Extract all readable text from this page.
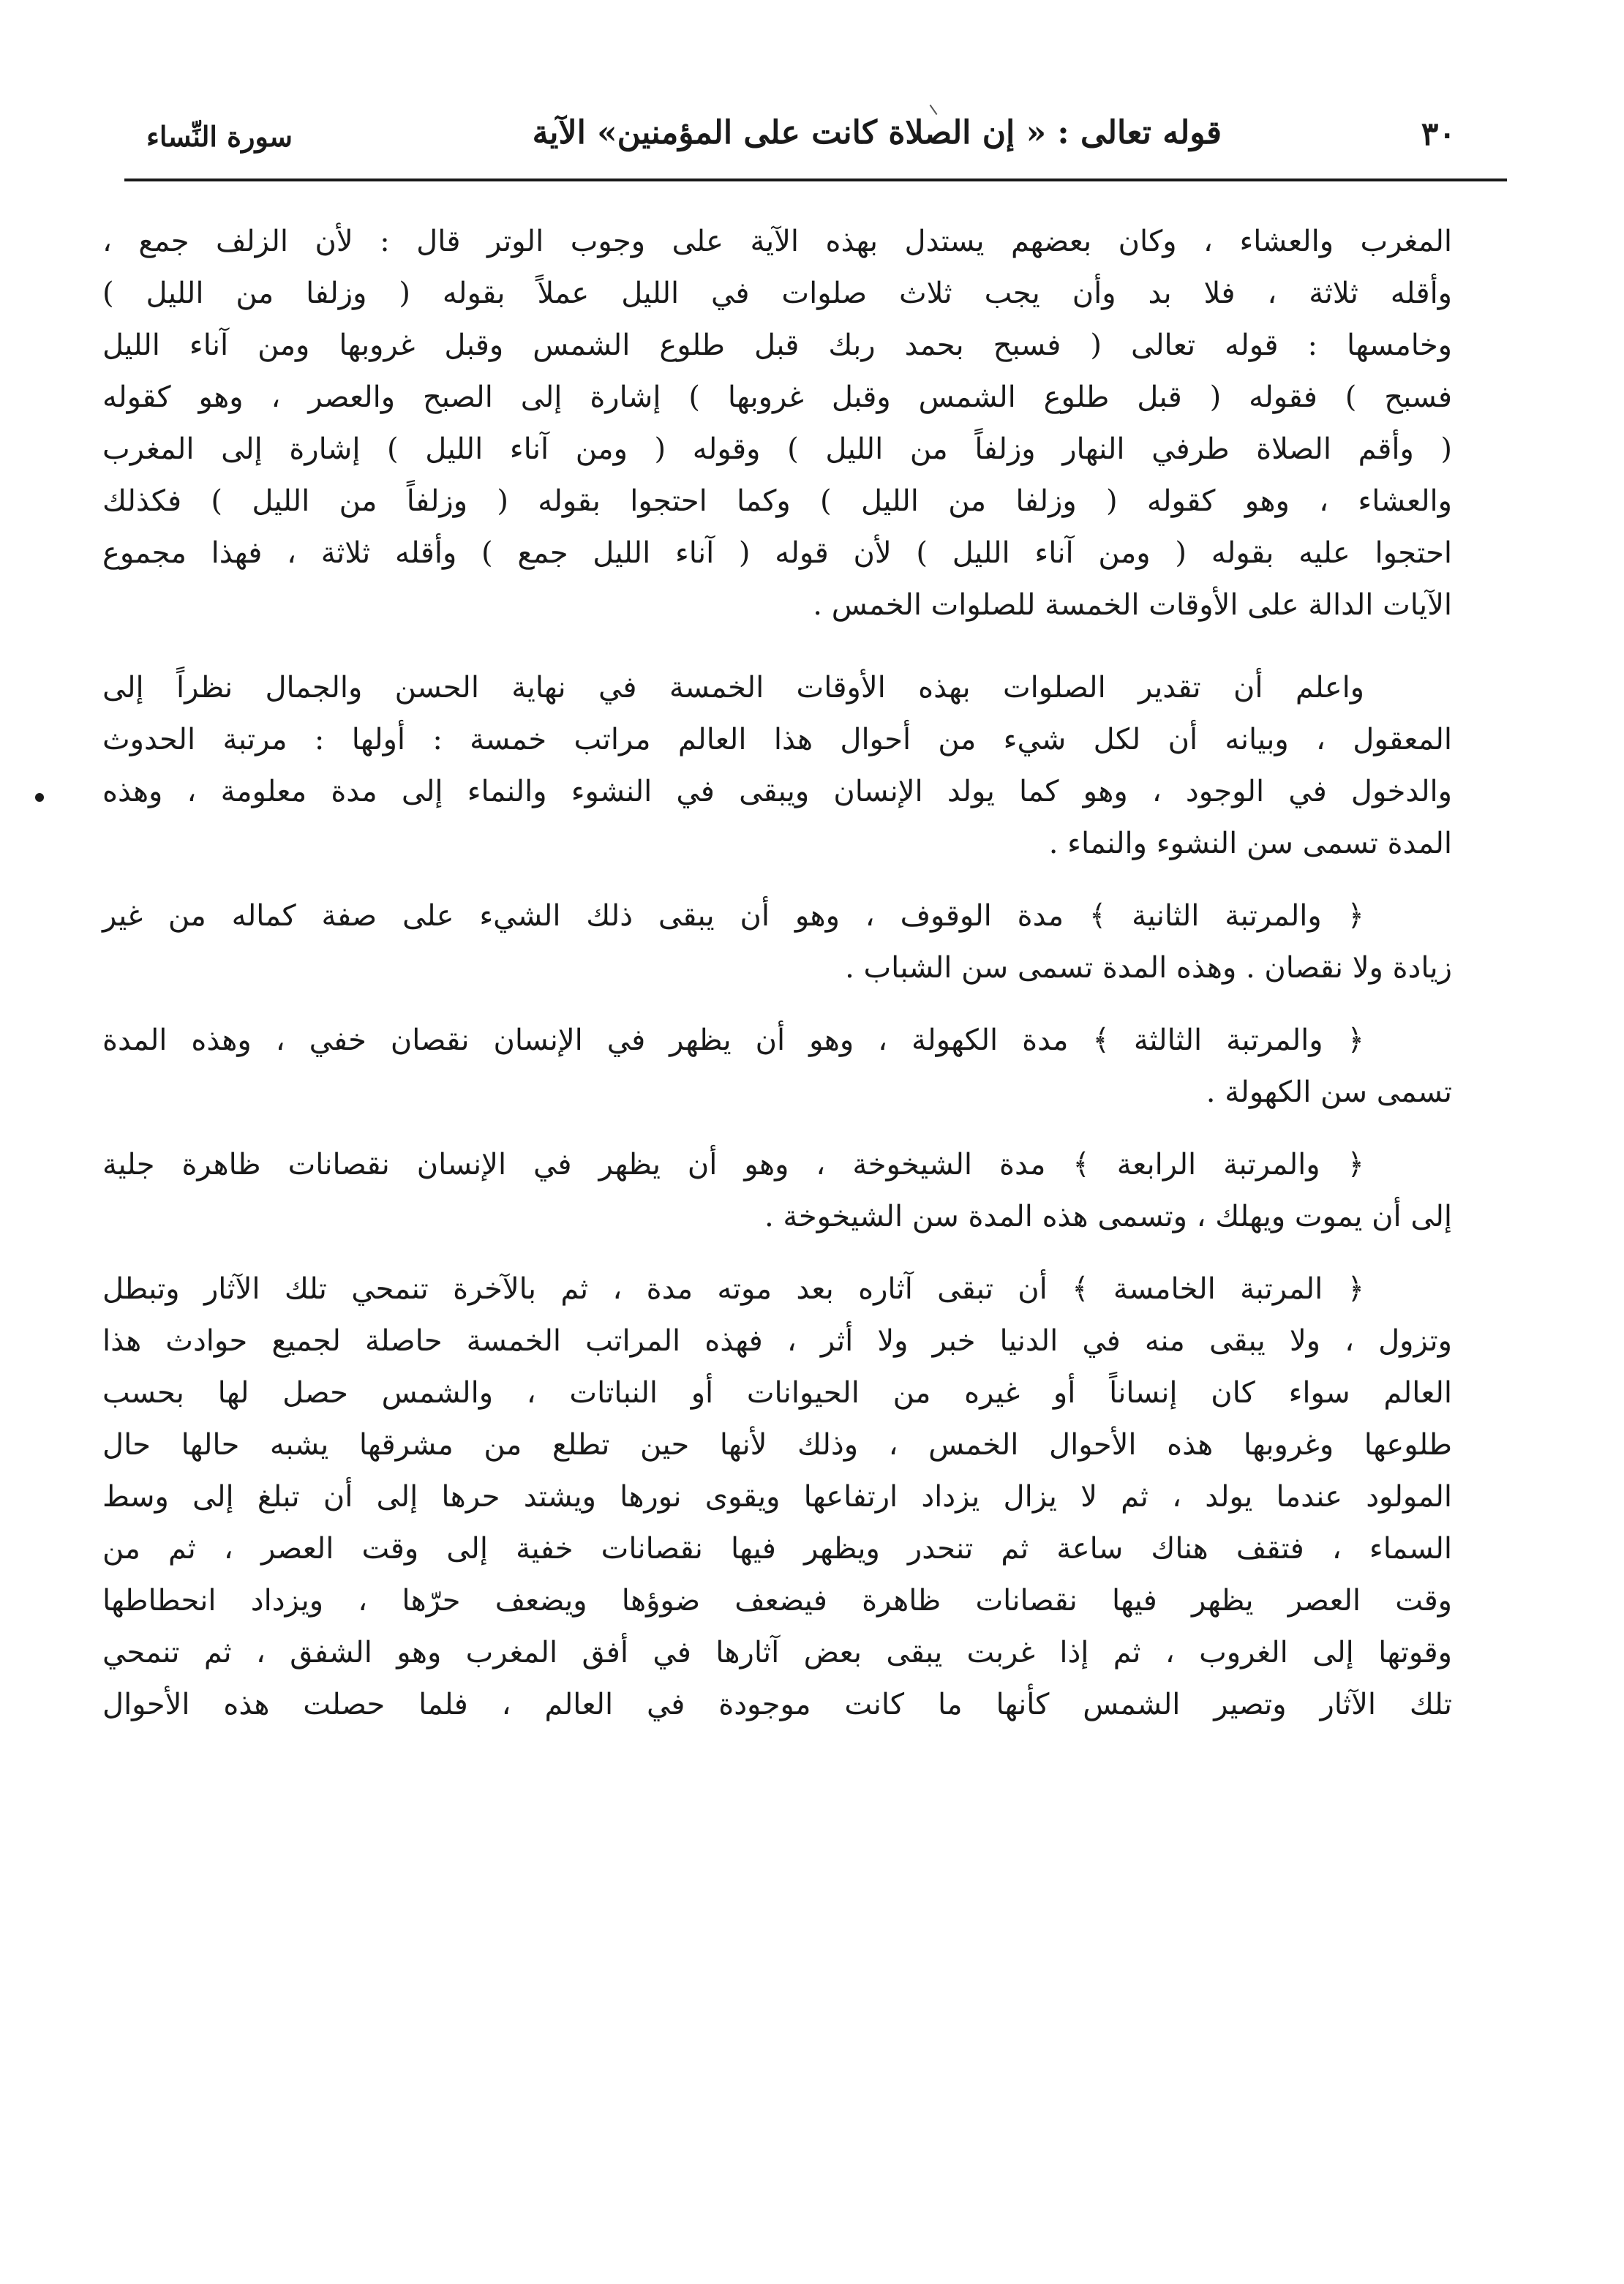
٣٠
قوله تعالى : « إن الصلاة كانت على المؤمنين» الآية
سورة النِّساء

المغرب والعشاء ، وكان بعضهم يستدل بهذه الآية على وجوب الوتر قال : لأن الزلف جمع ،
وأقله ثلاثة ، فلا بد وأن يجب ثلاث صلوات في الليل عملاً بقوله ( وزلفا من الليل )
وخامسها : قوله تعالى ( فسبح بحمد ربك قبل طلوع الشمس وقبل غروبها ومن آناء الليل
فسبح ) فقوله ( قبل طلوع الشمس وقبل غروبها ) إشارة إلى الصبح والعصر ، وهو كقوله
( وأقم الصلاة طرفي النهار وزلفاً من الليل ) وقوله ( ومن آناء الليل ) إشارة إلى المغرب
والعشاء ، وهو كقوله ( وزلفا من الليل ) وكما احتجوا بقوله ( وزلفاً من الليل ) فكذلك
احتجوا عليه بقوله ( ومن آناء الليل ) لأن قوله ( آناء الليل جمع ) وأقله ثلاثة ، فهذا مجموع
الآيات الدالة على الأوقات الخمسة للصلوات الخمس .

واعلم أن تقدير الصلوات بهذه الأوقات الخمسة في نهاية الحسن والجمال نظراً إلى
المعقول ، وبيانه أن لكل شيء من أحوال هذا العالم مراتب خمسة : أولها : مرتبة الحدوث
والدخول في الوجود ، وهو كما يولد الإنسان ويبقى في النشوء والنماء إلى مدة معلومة ، وهذه
المدة تسمى سن النشوء والنماء .

﴿ والمرتبة الثانية ﴾ مدة الوقوف ، وهو أن يبقى ذلك الشيء على صفة كماله من غير
زيادة ولا نقصان . وهذه المدة تسمى سن الشباب .

﴿ والمرتبة الثالثة ﴾ مدة الكهولة ، وهو أن يظهر في الإنسان نقصان خفي ، وهذه المدة
تسمى سن الكهولة .

﴿ والمرتبة الرابعة ﴾ مدة الشيخوخة ، وهو أن يظهر في الإنسان نقصانات ظاهرة جلية
إلى أن يموت ويهلك ، وتسمى هذه المدة سن الشيخوخة .

﴿ المرتبة الخامسة ﴾ أن تبقى آثاره بعد موته مدة ، ثم بالآخرة تنمحي تلك الآثار وتبطل
وتزول ، ولا يبقى منه في الدنيا خبر ولا أثر ، فهذه المراتب الخمسة حاصلة لجميع حوادث هذا
العالم سواء كان إنساناً أو غيره من الحيوانات أو النباتات ، والشمس حصل لها بحسب
طلوعها وغروبها هذه الأحوال الخمس ، وذلك لأنها حين تطلع من مشرقها يشبه حالها حال
المولود عندما يولد ، ثم لا يزال يزداد ارتفاعها ويقوى نورها ويشتد حرها إلى أن تبلغ إلى وسط
السماء ، فتقف هناك ساعة ثم تنحدر ويظهر فيها نقصانات خفية إلى وقت العصر ، ثم من
وقت العصر يظهر فيها نقصانات ظاهرة فيضعف ضوؤها ويضعف حرّها ، ويزداد انحطاطها
وقوتها إلى الغروب ، ثم إذا غربت يبقى بعض آثارها في أفق المغرب وهو الشفق ، ثم تنمحي
تلك الآثار وتصير الشمس كأنها ما كانت موجودة في العالم ، فلما حصلت هذه الأحوال
